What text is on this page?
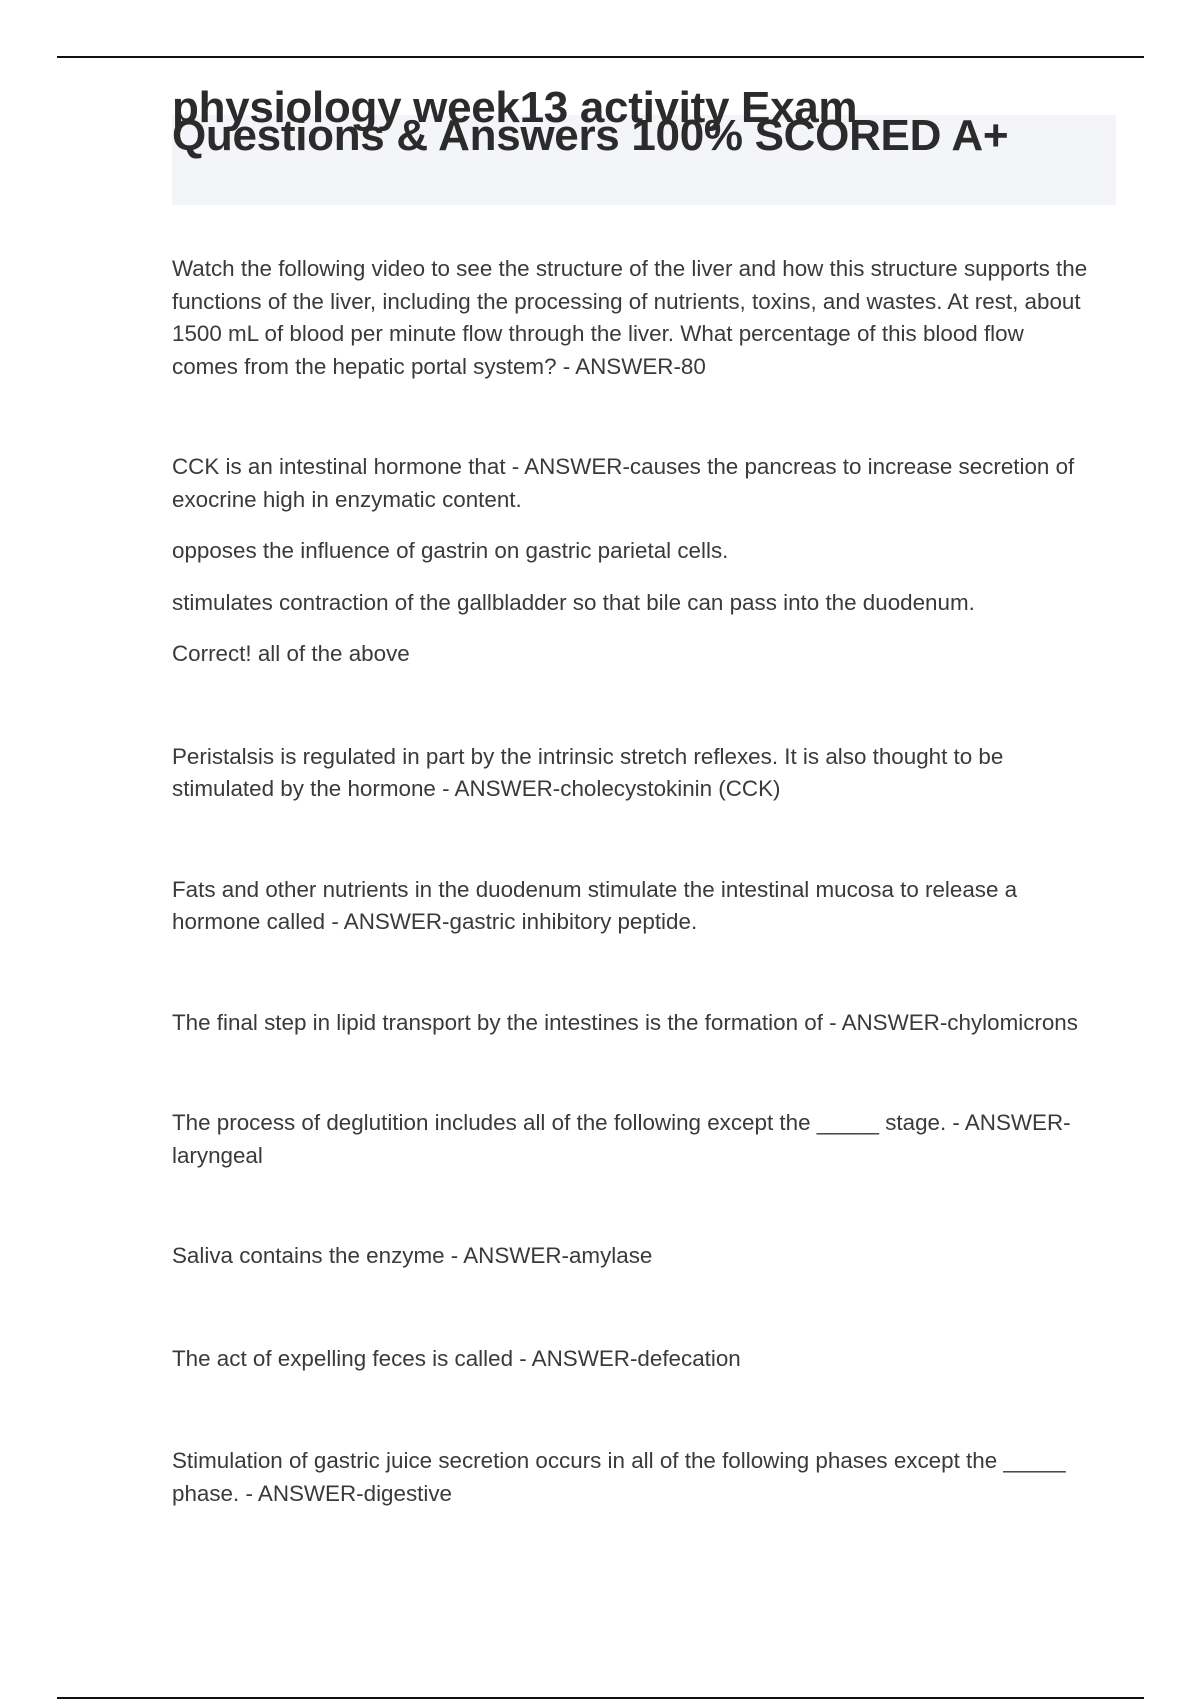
physiology week13 activity Exam Questions & Answers 100% SCORED A+

Watch the following video to see the structure of the liver and how this structure supports the functions of the liver, including the processing of nutrients, toxins, and wastes. At rest, about 1500 mL of blood per minute flow through the liver. What percentage of this blood flow comes from the hepatic portal system? - ANSWER-80

CCK is an intestinal hormone that - ANSWER-causes the pancreas to increase secretion of exocrine high in enzymatic content.

opposes the influence of gastrin on gastric parietal cells.

stimulates contraction of the gallbladder so that bile can pass into the duodenum.

Correct! all of the above

Peristalsis is regulated in part by the intrinsic stretch reflexes. It is also thought to be stimulated by the hormone - ANSWER-cholecystokinin (CCK)

Fats and other nutrients in the duodenum stimulate the intestinal mucosa to release a hormone called - ANSWER-gastric inhibitory peptide.

The final step in lipid transport by the intestines is the formation of - ANSWER-chylomicrons

The process of deglutition includes all of the following except the _____ stage. - ANSWER-laryngeal

Saliva contains the enzyme - ANSWER-amylase

The act of expelling feces is called - ANSWER-defecation

Stimulation of gastric juice secretion occurs in all of the following phases except the _____ phase. - ANSWER-digestive
